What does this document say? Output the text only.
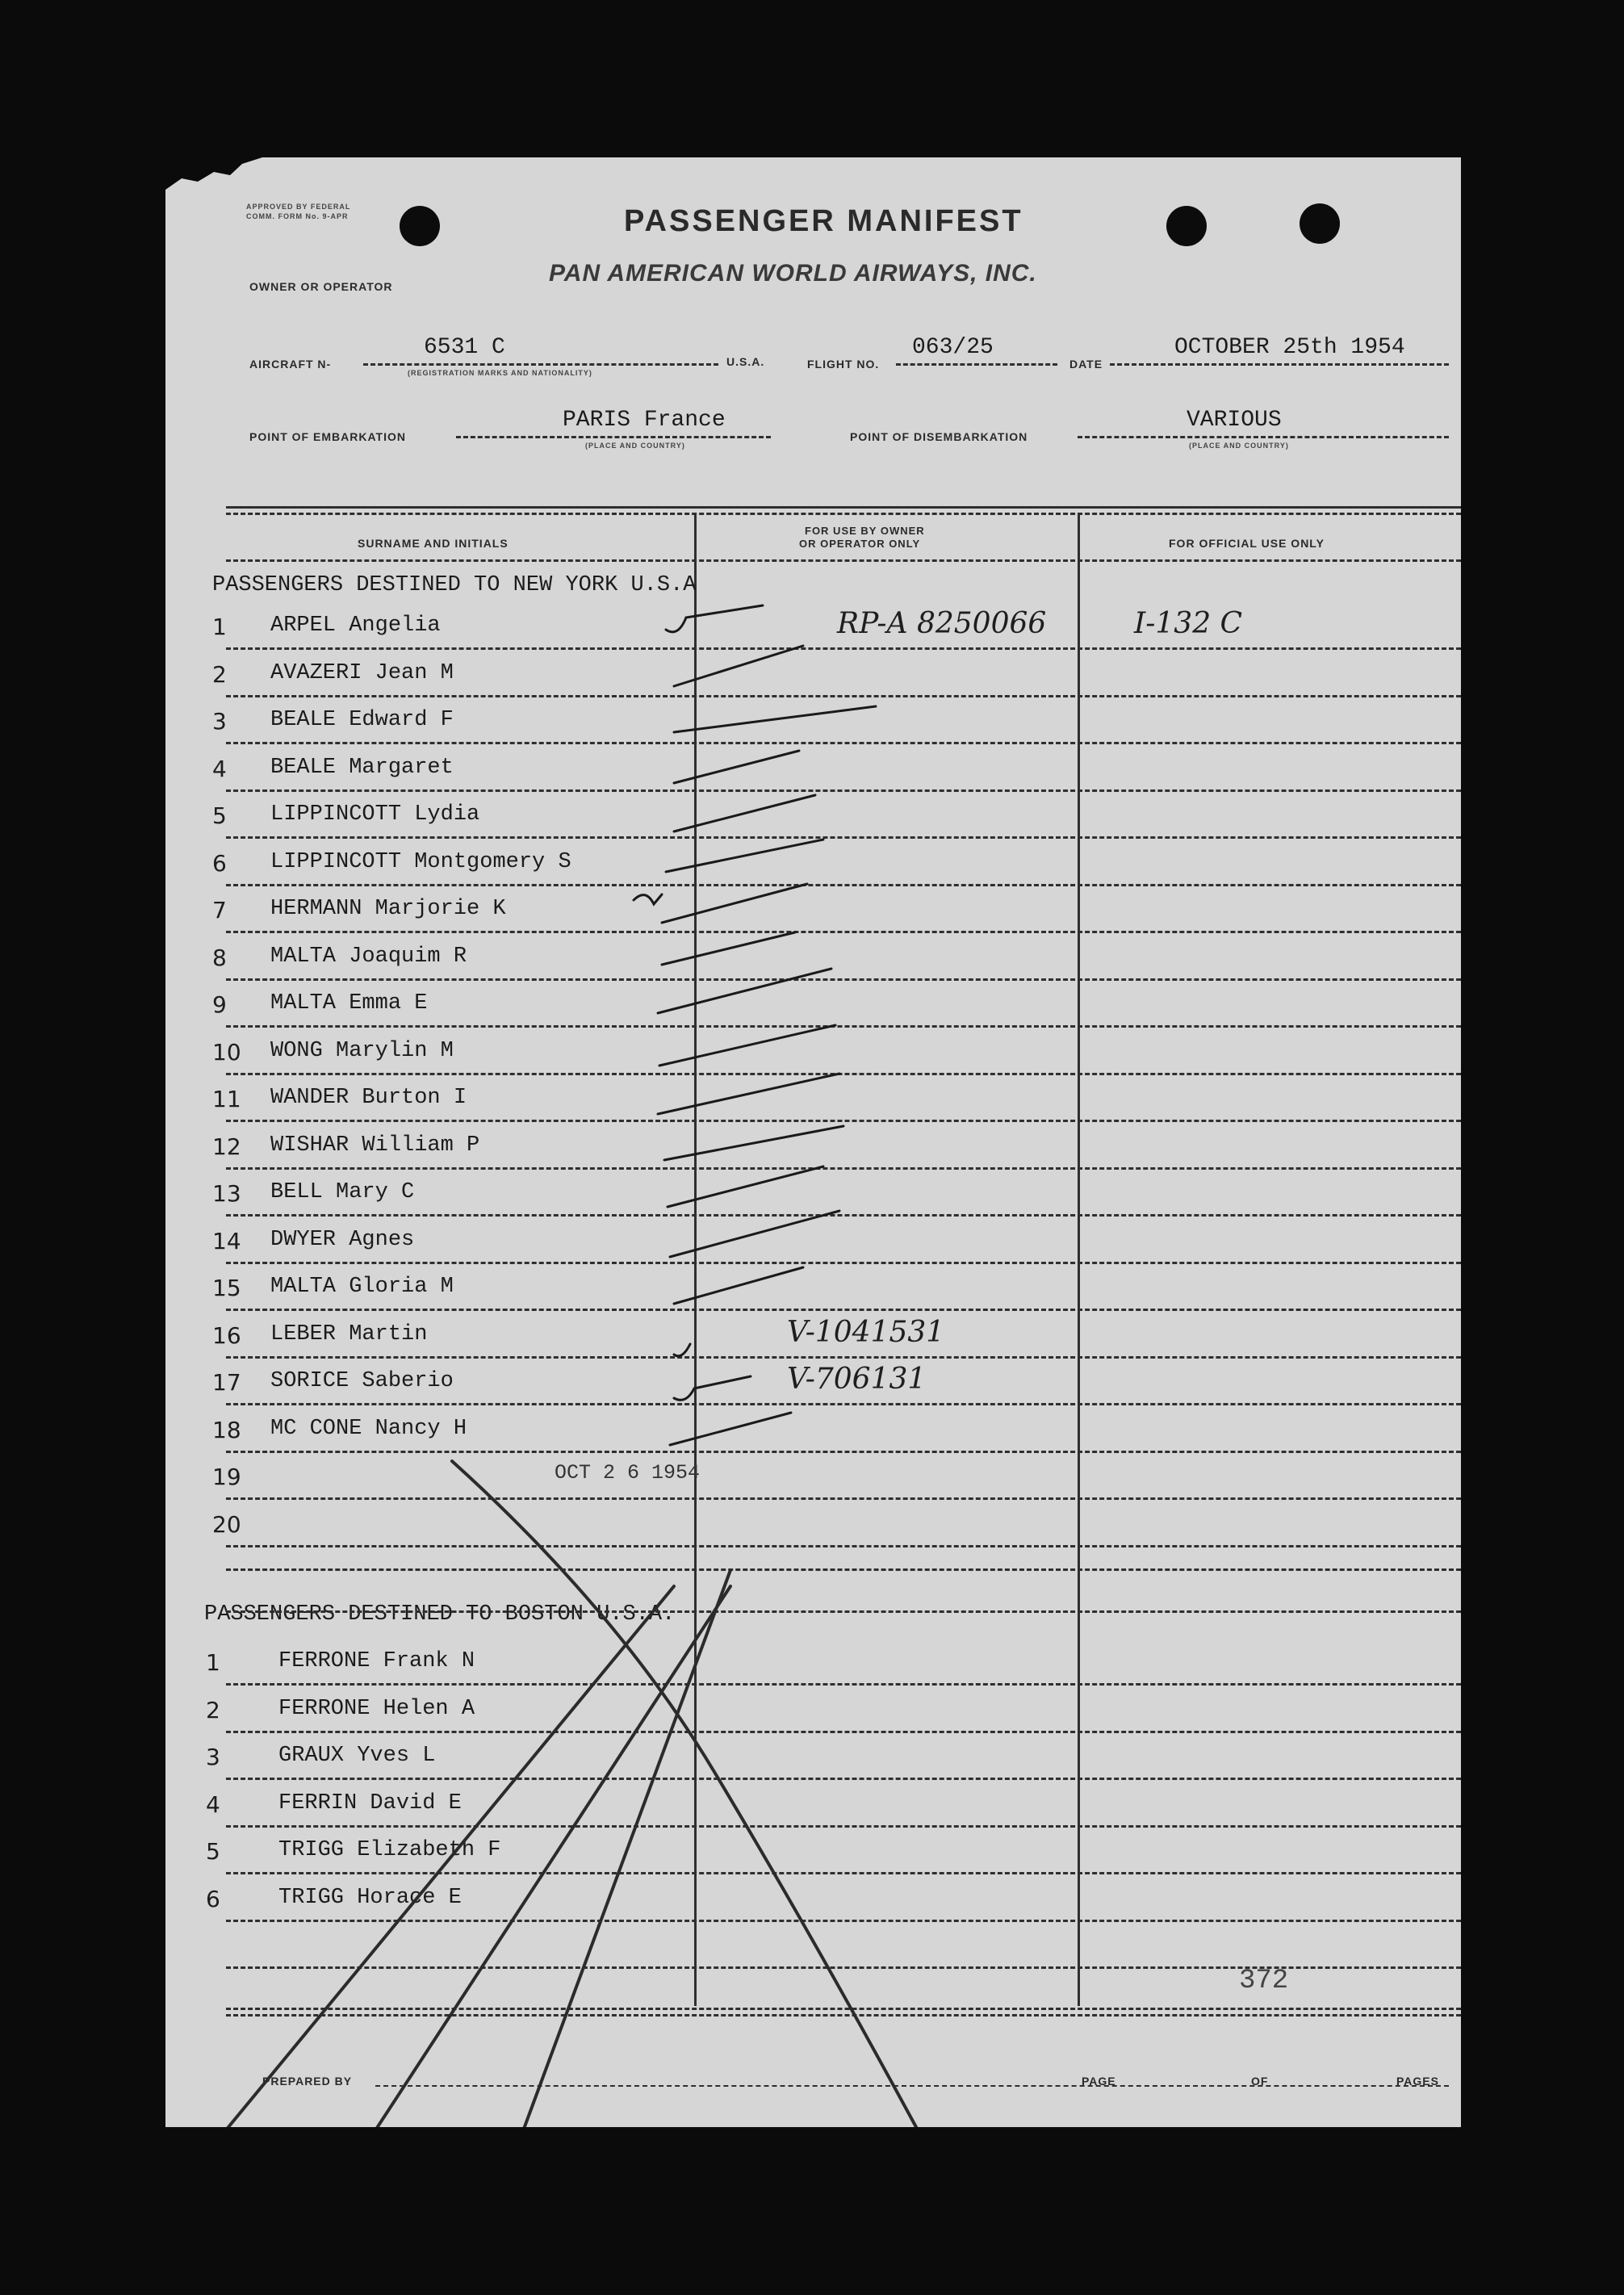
APPROVED BY FEDERAL COMM. FORM No. 9-APR	PASSENGER MANIFEST
OWNER OR OPERATOR	PAN AMERICAN WORLD AIRWAYS, INC.
AIRCRAFT N-
6531 C
(REGISTRATION MARKS AND NATIONALITY)
U.S.A.	FLIGHT NO.
063/25
DATE
OCTOBER 25th 1954
POINT OF EMBARKATION
PARIS France
(PLACE AND COUNTRY)
POINT OF DISEMBARKATION
VARIOUS
(PLACE AND COUNTRY)
SURNAME AND INITIALS
FOR USE BY OWNER
OR OPERATOR ONLY	FOR OFFICIAL USE ONLY
PASSENGERS DESTINED TO NEW YORK U.S.A
1 ARPEL Angelia	RP-A 8250066	I-132 C
2 AVAZERI Jean M
3 BEALE Edward F
4 BEALE Margaret
5 LIPPINCOTT Lydia
6 LIPPINCOTT Montgomery S
7 HERMANN Marjorie K
8 MALTA Joaquim R
9 MALTA Emma E
10 WONG Marylin M
11 WANDER Burton I
12 WISHAR William P
13 BELL Mary C
14 DWYER Agnes
15 MALTA Gloria M
16 LEBER Martin	V-1041531
17 SORICE Saberio	V-706131
18 MC CONE Nancy H
19
20
OCT 2 6 1954
PASSENGERS DESTINED TO BOSTON U.S.A.
1	FERRONE Frank N
2	FERRONE Helen A
3	GRAUX Yves L
4	FERRIN David E
5	TRIGG Elizabeth F
6	TRIGG Horace E
372
PREPARED BY	PAGE	OF	PAGES
